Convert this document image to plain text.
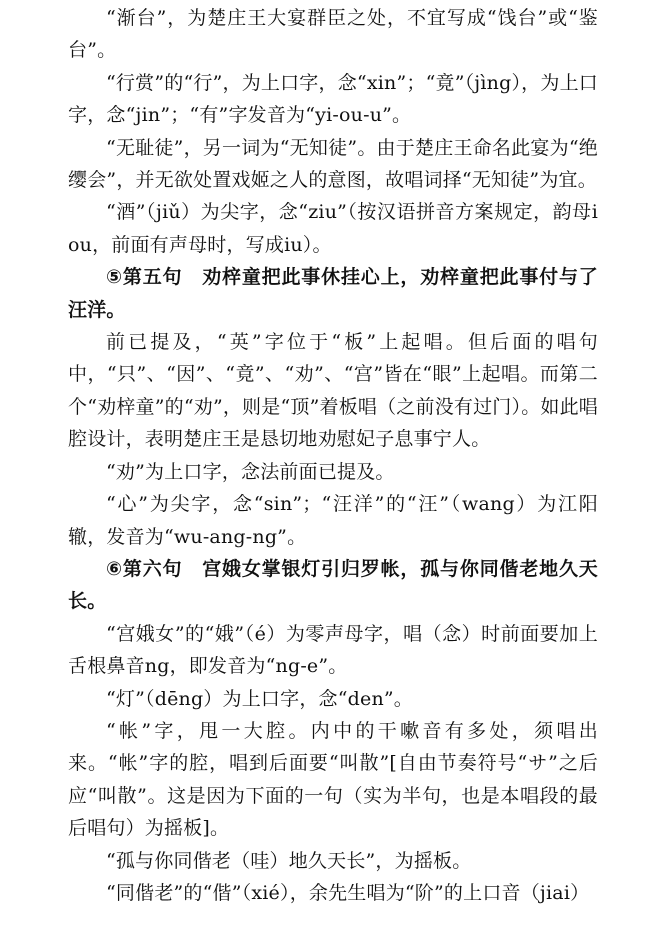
“渐台”，为楚庄王大宴群臣之处，不宜写成“饯台”或“鉴台”。

“行赏”的“行”，为上口字，念“xin”；“竟”（jìng），为上口字，念“jin”；“有”字发音为“yi-ou-u”。

“无耻徒”，另一词为“无知徒”。由于楚庄王命名此宴为“绝缨会”，并无欲处置戏姬之人的意图，故唱词择“无知徒”为宜。

“酒”（jiǔ）为尖字，念“ziu”（按汉语拼音方案规定，韵母iou，前面有声母时，写成iu）。

⑤第五句　劝梓童把此事休挂心上，劝梓童把此事付与了汪洋。

前已提及，“英”字位于“板”上起唱。但后面的唱句中，“只”、“因”、“竟”、“劝”、“宫”皆在“眼”上起唱。而第二个“劝梓童”的“劝”，则是“顶”着板唱（之前没有过门）。如此唱腔设计，表明楚庄王是恳切地劝慰妃子息事宁人。

“劝”为上口字，念法前面已提及。

“心”为尖字，念“sin”；“汪洋”的“汪”（wang）为江阳辙，发音为“wu-ang-ng”。

⑥第六句　宫娥女掌银灯引归罗帐，孤与你同偕老地久天长。

“宫娥女”的“娥”（é）为零声母字，唱（念）时前面要加上舌根鼻音ng，即发音为“ng-e”。

“灯”（dēng）为上口字，念“den”。

“帐”字，甩一大腔。内中的干嗽音有多处，须唱出来。“帐”字的腔，唱到后面要“叫散”[自由节奏符号“サ”之后应“叫散”。这是因为下面的一句（实为半句，也是本唱段的最后唱句）为摇板]。

“孤与你同偕老（哇）地久天长”，为摇板。

“同偕老”的“偕”（xié），余先生唱为“阶”的上口音（jiai）
